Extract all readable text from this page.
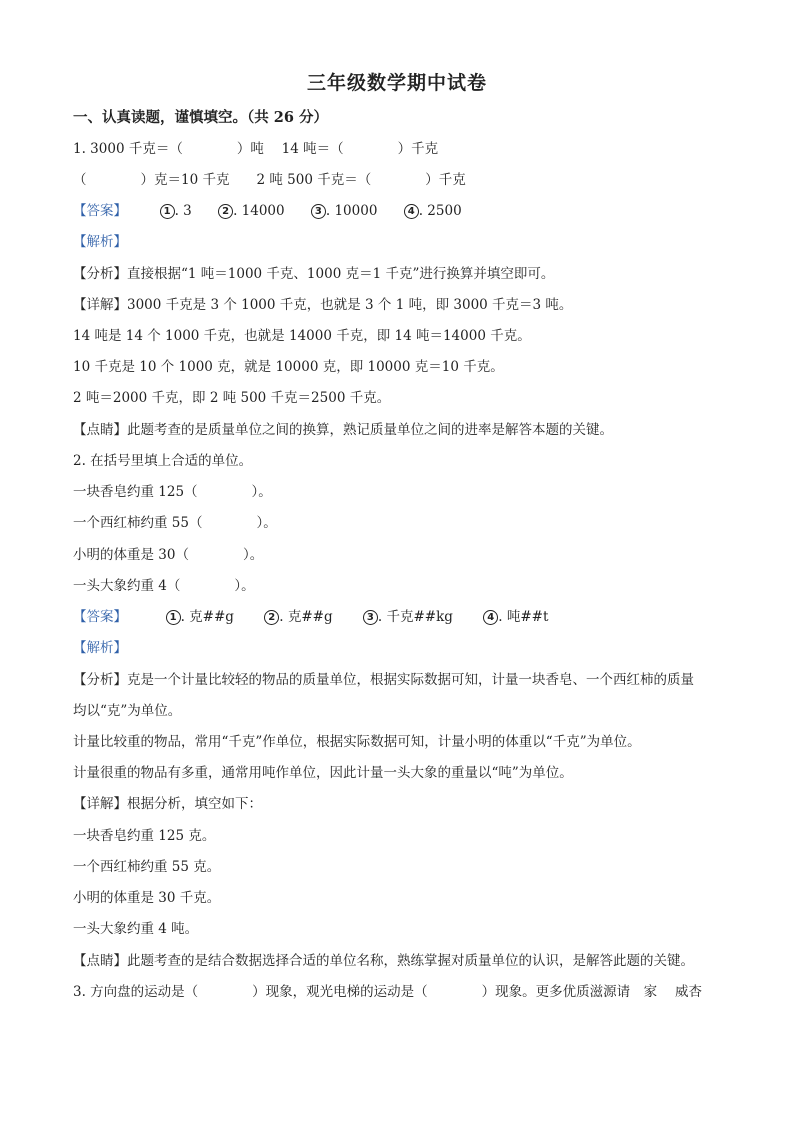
三年级数学期中试卷
一、认真读题，谨慎填空。（共 26 分）
1. 3000 千克＝（　　　　）吨　 14 吨＝（　　　　）千克
（　　　　）克＝10 千克　　2 吨 500 千克＝（　　　　）千克
【答案】	1 . 3	2 . 14000	3 . 10000	4 . 2500
【解析】
【分析】直接根据“1 吨＝1000 千克、1000 克＝1 千克”进行换算并填空即可。
【详解】3000 千克是 3 个 1000 千克，也就是 3 个 1 吨，即 3000 千克＝3 吨。
14 吨是 14 个 1000 千克，也就是 14000 千克，即 14 吨＝14000 千克。
10 千克是 10 个 1000 克，就是 10000 克，即 10000 克＝10 千克。
2 吨＝2000 千克，即 2 吨 500 千克＝2500 千克。
【点睛】此题考查的是质量单位之间的换算，熟记质量单位之间的进率是解答本题的关键。
2. 在括号里填上合适的单位。
一块香皂约重 125（　　　　）。
一个西红柿约重 55（　　　　）。
小明的体重是 30（　　　　）。
一头大象约重 4（　　　　）。
【答案】	1 . 克##g	2 . 克##g	3 . 千克##kg	4 . 吨##t
【解析】
【分析】克是一个计量比较轻的物品的质量单位，根据实际数据可知，计量一块香皂、一个西红柿的质量
均以“克”为单位。
计量比较重的物品，常用“千克”作单位，根据实际数据可知，计量小明的体重以“千克”为单位。
计量很重的物品有多重，通常用吨作单位，因此计量一头大象的重量以“吨”为单位。
【详解】根据分析，填空如下：
一块香皂约重 125 克。
一个西红柿约重 55 克。
小明的体重是 30 千克。
一头大象约重 4 吨。
【点睛】此题考查的是结合数据选择合适的单位名称，熟练掌握对质量单位的认识，是解答此题的关键。
3. 方向盘的运动是（　　　　）现象，观光电梯的运动是（　　　　）现象。更多优质滋源请　家　 威杏
